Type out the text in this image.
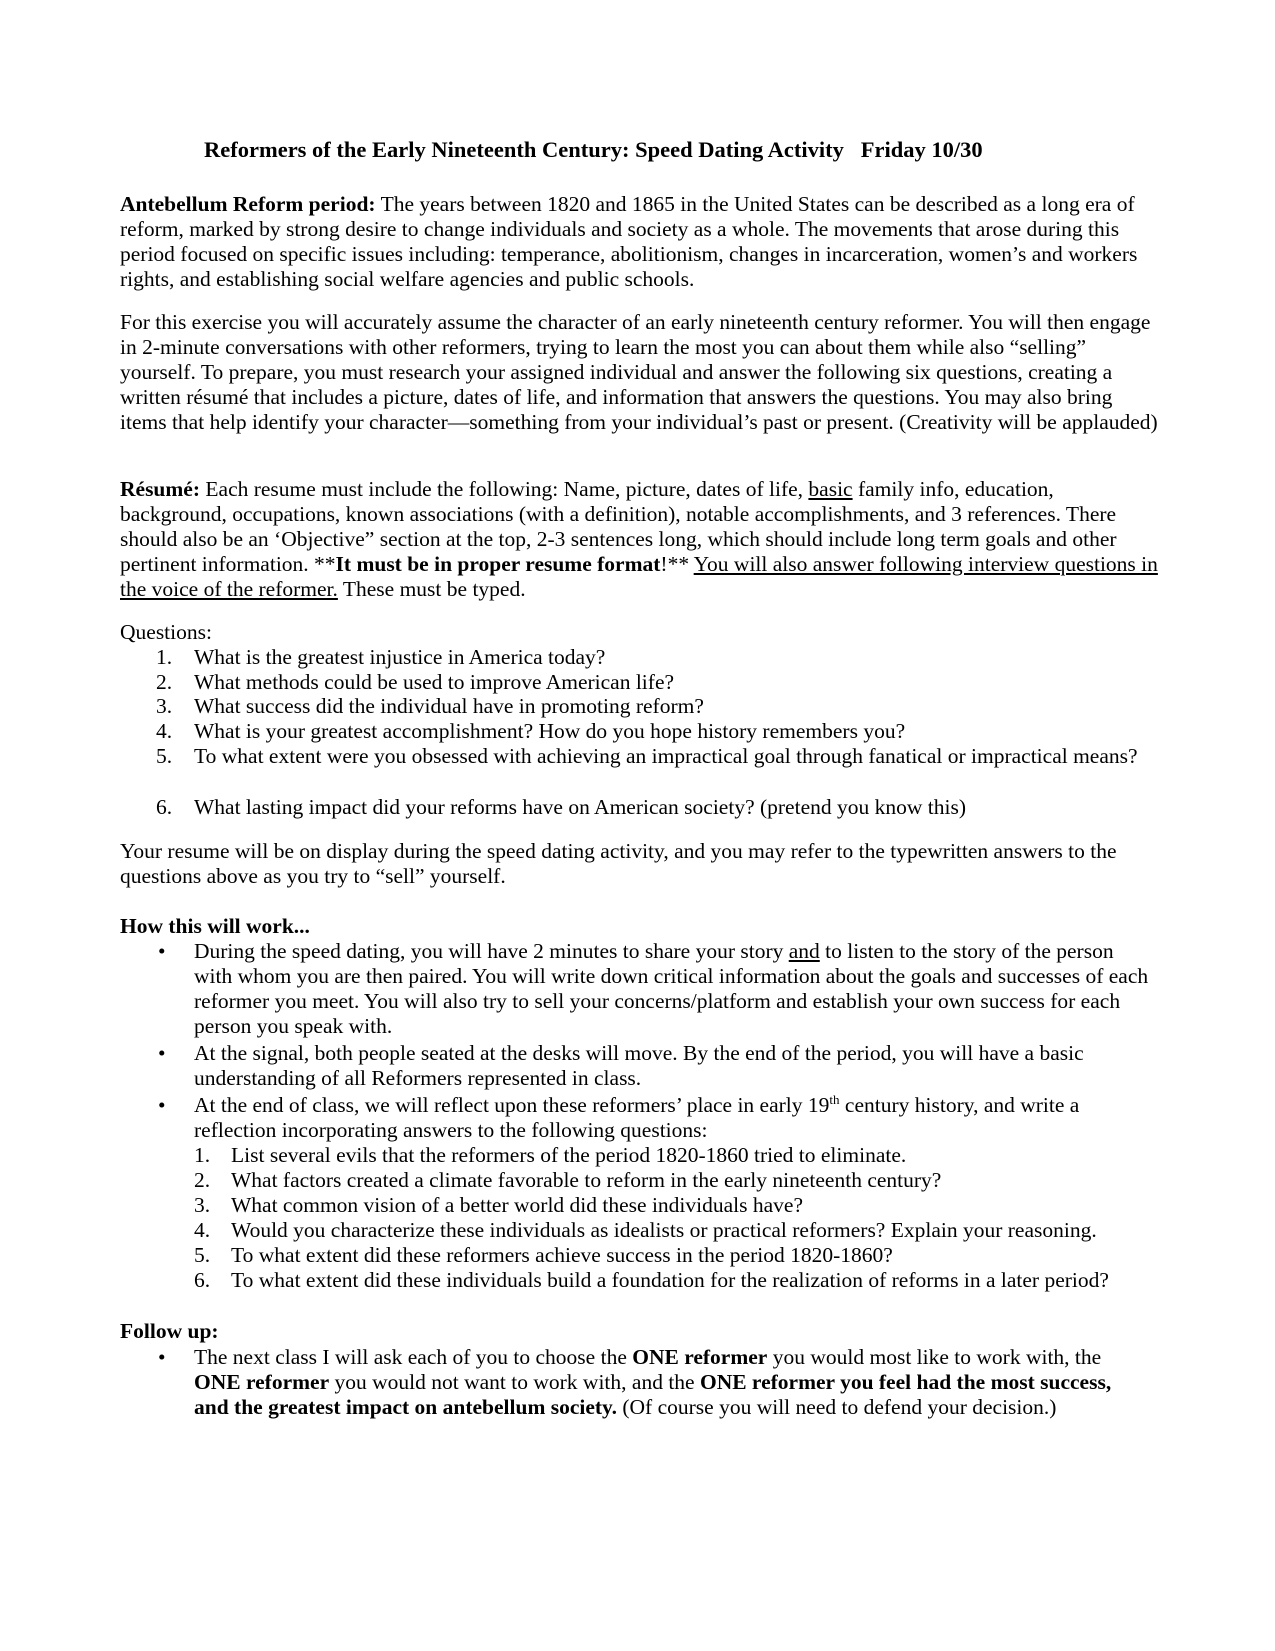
Reformers of the Early Nineteenth Century: Speed Dating Activity   Friday 10/30

Antebellum Reform period: The years between 1820 and 1865 in the United States can be described as a long era of reform, marked by strong desire to change individuals and society as a whole. The movements that arose during this period focused on specific issues including: temperance, abolitionism, changes in incarceration, women’s and workers rights, and establishing social welfare agencies and public schools.

For this exercise you will accurately assume the character of an early nineteenth century reformer. You will then engage in 2-minute conversations with other reformers, trying to learn the most you can about them while also “selling” yourself. To prepare, you must research your assigned individual and answer the following six questions, creating a written résumé that includes a picture, dates of life, and information that answers the questions. You may also bring items that help identify your character—something from your individual’s past or present. (Creativity will be applauded)

Résumé: Each resume must include the following: Name, picture, dates of life, basic family info, education, background, occupations, known associations (with a definition), notable accomplishments, and 3 references. There should also be an ‘Objective” section at the top, 2-3 sentences long, which should include long term goals and other pertinent information. **It must be in proper resume format!** You will also answer following interview questions in the voice of the reformer. These must be typed.

Questions:
1.	What is the greatest injustice in America today?
2.	What methods could be used to improve American life?
3.	What success did the individual have in promoting reform?
4.	What is your greatest accomplishment? How do you hope history remembers you?
5.	To what extent were you obsessed with achieving an impractical goal through fanatical or impractical means?
6.	What lasting impact did your reforms have on American society? (pretend you know this)
Your resume will be on display during the speed dating activity, and you may refer to the typewritten answers to the questions above as you try to “sell” yourself.
How this will work...
• During the speed dating, you will have 2 minutes to share your story and to listen to the story of the person with whom you are then paired. You will write down critical information about the goals and successes of each reformer you meet. You will also try to sell your concerns/platform and establish your own success for each person you speak with.
• At the signal, both people seated at the desks will move. By the end of the period, you will have a basic understanding of all Reformers represented in class.
• At the end of class, we will reflect upon these reformers’ place in early 19th century history, and write a reflection incorporating answers to the following questions:
1. List several evils that the reformers of the period 1820-1860 tried to eliminate.
2. What factors created a climate favorable to reform in the early nineteenth century?
3. What common vision of a better world did these individuals have?
4. Would you characterize these individuals as idealists or practical reformers? Explain your reasoning.
5. To what extent did these reformers achieve success in the period 1820-1860?
6. To what extent did these individuals build a foundation for the realization of reforms in a later period?
Follow up:
• The next class I will ask each of you to choose the ONE reformer you would most like to work with, the ONE reformer you would not want to work with, and the ONE reformer you feel had the most success, and the greatest impact on antebellum society. (Of course you will need to defend your decision.)
